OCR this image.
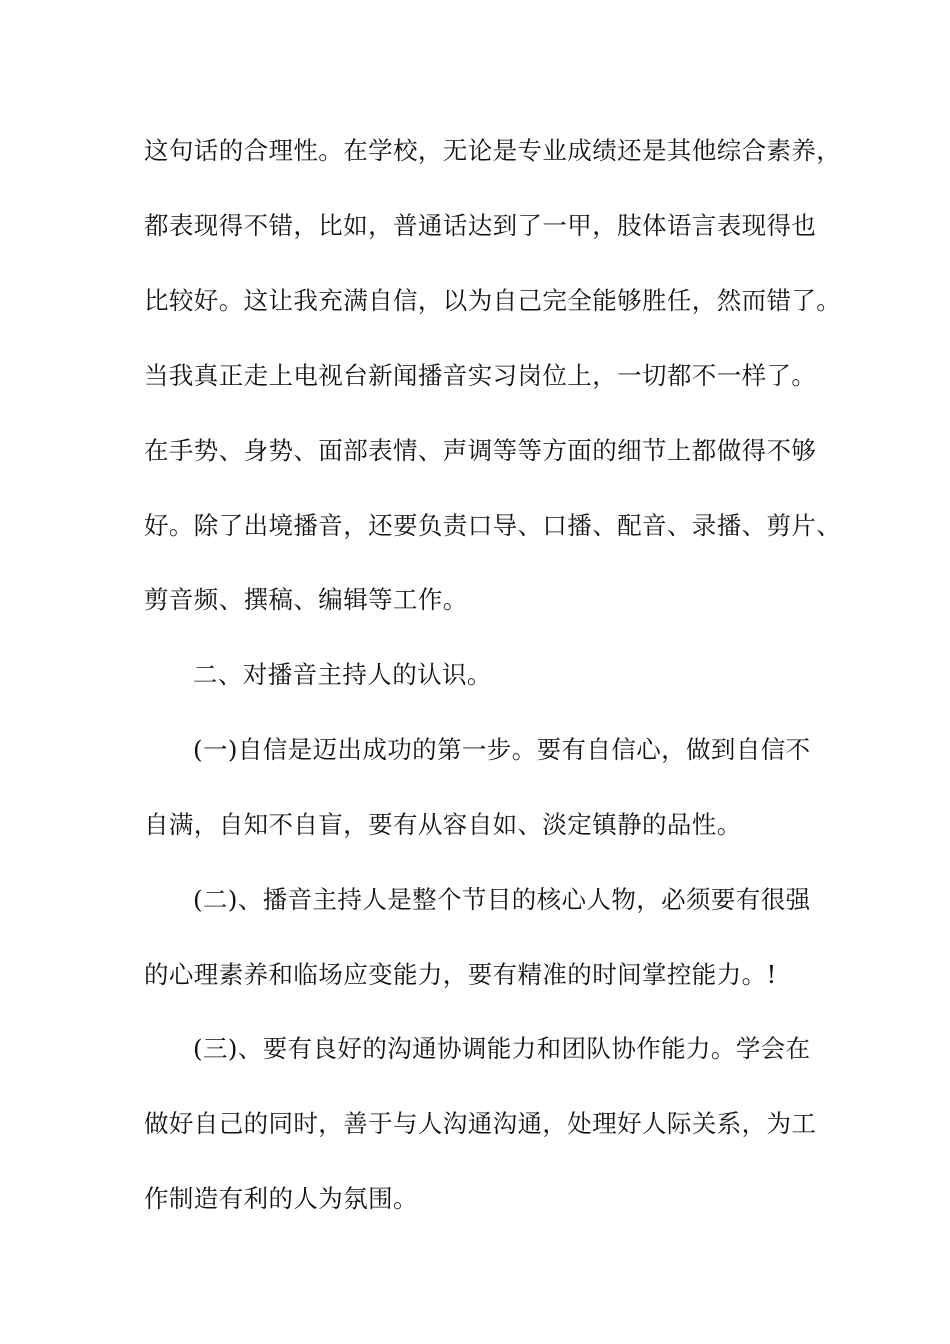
这句话的合理性。在学校，无论是专业成绩还是其他综合素养，
都表现得不错，比如，普通话达到了一甲，肢体语言表现得也
比较好。这让我充满自信，以为自己完全能够胜任，然而错了。
当我真正走上电视台新闻播音实习岗位上，一切都不一样了。
在手势、身势、面部表情、声调等等方面的细节上都做得不够
好。除了出境播音，还要负责口导、口播、配音、录播、剪片、
剪音频、撰稿、编辑等工作。
二、对播音主持人的认识。
(一)自信是迈出成功的第一步。要有自信心，做到自信不
自满，自知不自盲，要有从容自如、淡定镇静的品性。
(二)、播音主持人是整个节目的核心人物，必须要有很强
的心理素养和临场应变能力，要有精准的时间掌控能力。!
(三)、要有良好的沟通协调能力和团队协作能力。学会在
做好自己的同时，善于与人沟通沟通，处理好人际关系，为工
作制造有利的人为氛围。
